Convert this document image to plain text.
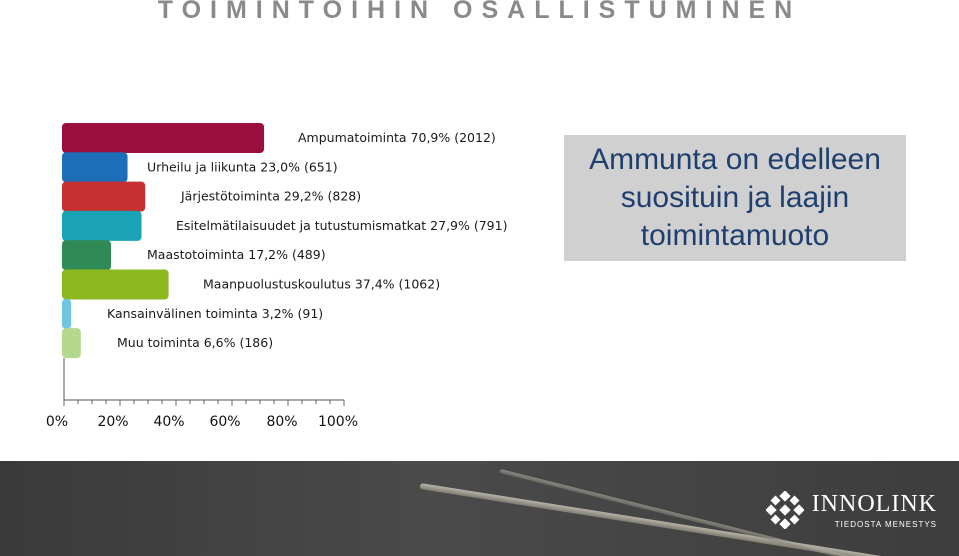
TOIMINTOIHIN OSALLISTUMINEN
Ampumatoiminta 70,9% (2012)
Urheilu ja liikunta 23,0% (651)
Järjestötoiminta 29,2% (828)
Esitelmätilaisuudet ja tutustumismatkat 27,9% (791)
Maastotoiminta 17,2% (489)
Maanpuolustuskoulutus 37,4% (1062)
Kansainvälinen toiminta 3,2% (91)
Muu toiminta 6,6% (186)
0% 20% 40% 60% 80% 100%
Ammunta on edelleen suosituin ja laajin toimintamuoto
INNOLINK
TIEDOSTA MENESTYS
